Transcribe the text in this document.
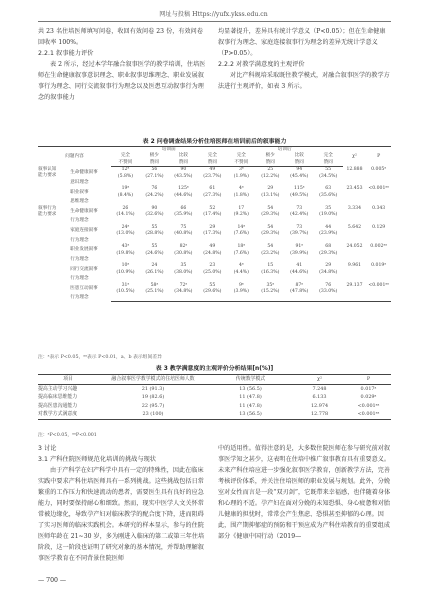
网址与投稿 Https://yufx.ykss.edu.cn

共 23 名住培医师填写问卷，收回有效问卷 23 份，有效问卷回收率 100%。

2.2.1 叙事能力评价

表 2 所示，经过本学年融合叙事医学的教学培训，住培医师在生命健康叙事意识理念、职业叙事思维理念、职业发展叙事行为理念、同行交流叙事行为理念以及医患互动叙事行为理念的叙事能力

均显著提升，差异具有统计学意义（P<0.05）；但在生命健康叙事行为理念、家庭连接叙事行为理念的差异无统计学意义（P>0.05）。

2.2.2 对教学满意度的主观评价

对比产科规培采取既往教学模式，对融合叙事医学的教学方法进行主观评价，如表 3 所示。

表 2 问卷调查结果分析住培医师在培训前后的叙事能力
问题内容		培训前				培训后				χ²	P
		完全	极少	比较	完全	完全	极少	比较	完全		
		不赞同	赞同	赞同	赞同	不赞同	赞同	赞同	赞同		
叙事认知
能力要求	生命健康叙事	12ᵃ	56	90	49	3ᵃ	25	94	55	12.888	0.005ᵃ
		(5.8%)	(27.1%)	(43.5%)	(23.7%)	(1.9%)	(12.2%)	(45.4%)	(34.5%)		
	意识理念										

	职业叙事	19ᵃ	76	125ᵃ	61	4ᵃ	29	115ᵃ	63	23.453	<0.001ᵃᵃ
		(8.4%)	(24.2%)	(44.6%)	(27.3%)	(1.8%)	(13.1%)	(49.5%)	(35.6%)		
	思维理念										

叙事行为
能力要求	生命健康叙事	26	90	66	52	17	54	73	35	3.334	0.343
		(14.1%)	(32.6%)	(35.9%)	(17.4%)	(9.2%)	(29.3%)	(42.4%)	(19.0%)		
	行为理念										

	家庭连接叙事	24ᵃ	55	75	29	14ᵃ	54	73	44	5.642	0.129
		(13.0%)	(28.8%)	(40.8%)	(17.3%)	(7.6%)	(29.3%)	(39.7%)	(23.9%)		
	行为理念										

	职业发展叙事	43ᵃ	55	82ᵃ	49	18ᵃ	54	91ᵃ	68	24.052	0.002ᵃᵃ
		(19.8%)	(24.6%)	(30.8%)	(24.8%)	(7.6%)	(23.2%)	(39.9%)	(29.3%)		
	行为理念										

	同行交流叙事	10ᵃ	24	35	23	4ᵃ	15	41	29	9.961	0.019ᵃ
		(10.9%)	(26.1%)	(38.0%)	(25.0%)	(4.4%)	(16.3%)	(44.6%)	(34.8%)		
	行为理念										

	医患互动叙事	31ᵃ	58ᵃ	72ᵃ	55	9ᵃ	35ᵃ	87ᵃ	76	29.137	<0.001ᵃᵃ
		(10.5%)	(25.1%)	(34.8%)	(29.6%)	(3.9%)	(15.2%)	(47.8%)	(33.0%)		
	行为理念										

注：ᵃ表示 P<0.05，ᵃᵃ表示 P<0.01，a、b 表示组间差异
表 3 教学满意度的主观评价分析结果[n(%)]
项目	融合叙事医学教学模式的住培医师人数	传统教学模式	χ²	P
提高主动学习兴趣	21 (91.3)	13 (56.5)	7.248	0.017ᵃ
提高临床思维能力	19 (82.6)	11 (47.8)	6.133	0.029ᵃ
提高医患沟通能力	22 (95.7)	11 (47.8)	12.974	<0.001ᵃᵃ
对教学方式满意度	23 (100)	13 (56.5)	12.778	<0.001ᵃᵃ
注：ᵃP<0.05，ᵃᵃP<0.001

3 讨论

3.1 产科住院医师规范化培训的挑战与现状

由于产科学在妇产科学中具有一定的特殊性，因此在临床实践中要求产科住培医师具有一系列挑战。这些挑战包括日常繁重的工作压力和快速流动的患者，需要医生具有良好的应急能力，同时要保持耐心和细致。然而，现实中医学人文关怀常常被边缘化，导致孕产妇对临床教学的配合度下降，进而阻碍了实习医师的临床实践机会。本研究的样本显示，参与的住院医师年龄在 21~30 岁，多为刚进入临床的第二或第三年住培阶段，这一阶段也证明了研究对象的基本情况，并帮助理解叙事医学教育在不同背景住院医师

中的适用性。值得注意的是，大多数住院医师在参与研究前对叙事医学知之甚少，这表明在住培中推广叙事教育具有重要意义。未来产科住培应进一步强化叙事医学教育，创新教学方法，完善考核评价体系，并关注住培医师的职业发展与规划。此外，分娩室对女性而言是一段“双刃剑”，它既带来幸福感，也伴随着身体和心理的不适。孕产妇在面对分娩的未知恐惧、身心疲惫和对胎儿健康的担忧时，常常会产生焦虑、恐惧甚至抑郁的心理。因此，围产期抑郁症的预防和干预应成为产科住培教育的重要组成部分《健康中国行动（2019—

— 700 —
